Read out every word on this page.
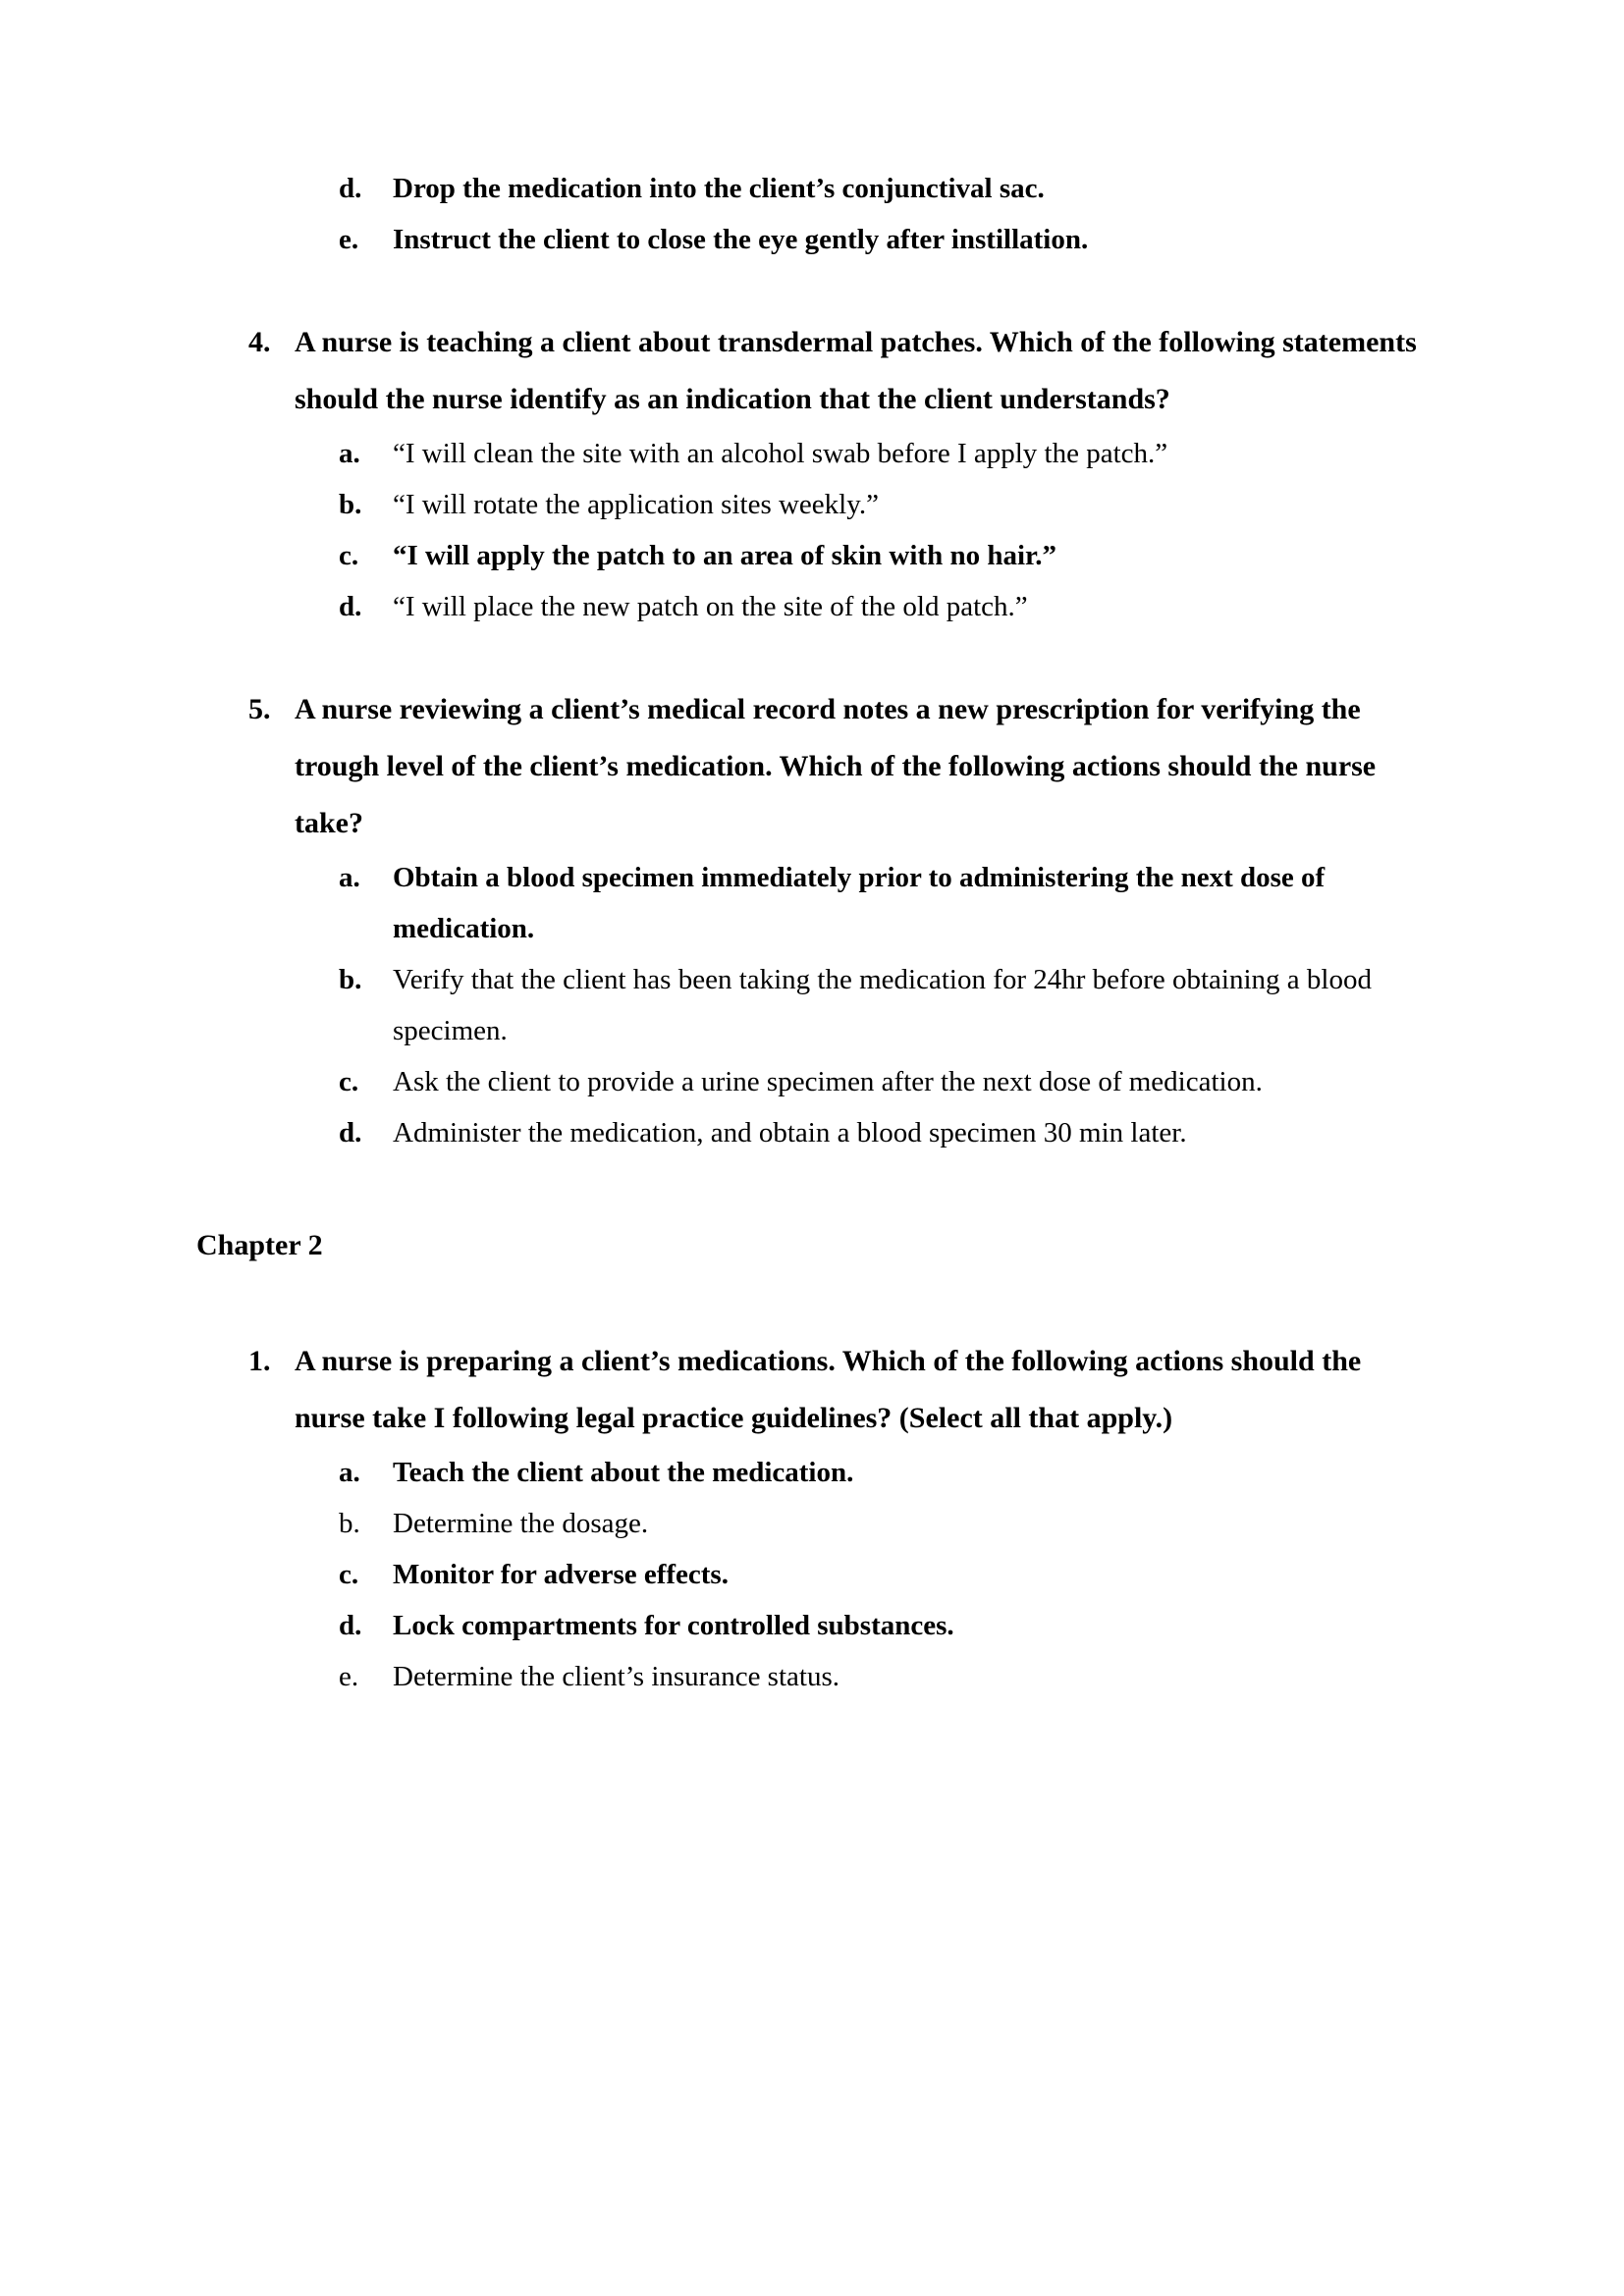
d.	Drop the medication into the client’s conjunctival sac.
e.	Instruct the client to close the eye gently after instillation.
4. A nurse is teaching a client about transdermal patches. Which of the following statements should the nurse identify as an indication that the client understands?
a.	“I will clean the site with an alcohol swab before I apply the patch.”
b.	“I will rotate the application sites weekly.”
c.	“I will apply the patch to an area of skin with no hair.”
d.	“I will place the new patch on the site of the old patch.”
5. A nurse reviewing a client’s medical record notes a new prescription for verifying the trough level of the client’s medication. Which of the following actions should the nurse take?
a.	Obtain a blood specimen immediately prior to administering the next dose of medication.
b.	Verify that the client has been taking the medication for 24hr before obtaining a blood specimen.
c.	Ask the client to provide a urine specimen after the next dose of medication.
d.	Administer the medication, and obtain a blood specimen 30 min later.
Chapter 2
1. A nurse is preparing a client’s medications. Which of the following actions should the nurse take I following legal practice guidelines? (Select all that apply.)
a.	Teach the client about the medication.
b.	Determine the dosage.
c.	Monitor for adverse effects.
d.	Lock compartments for controlled substances.
e.	Determine the client’s insurance status.
